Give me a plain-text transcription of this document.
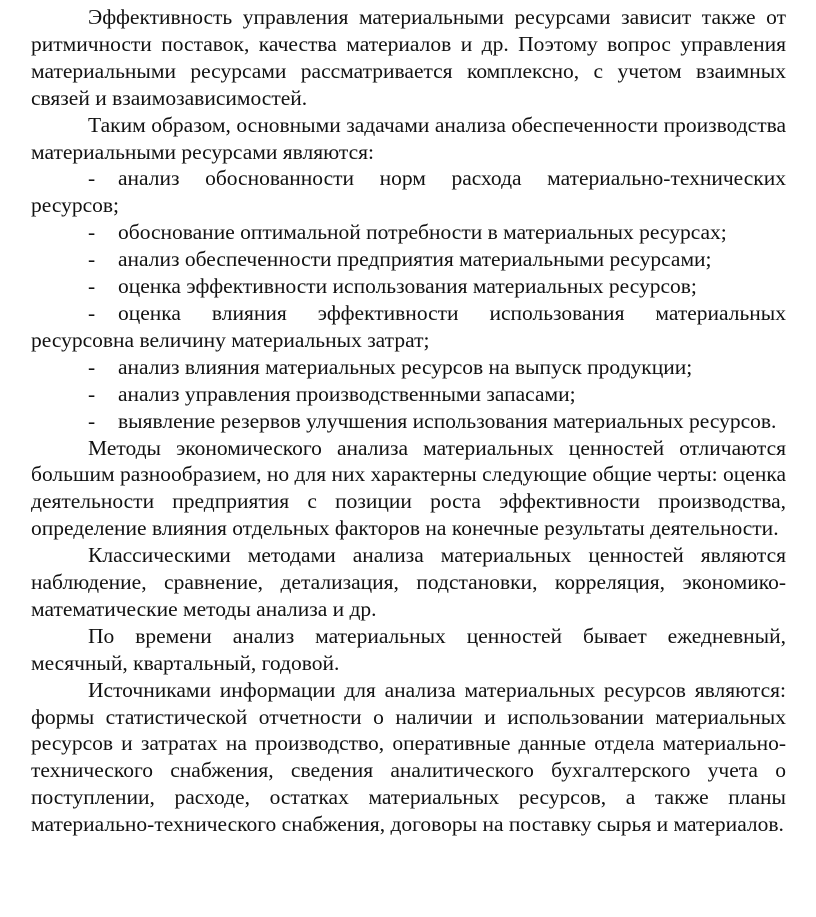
Эффективность управления материальными ресурсами зависит также от ритмичности поставок, качества материалов и др. Поэтому вопрос управления материальными ресурсами рассматривается комплексно, с учетом взаимных связей и взаимозависимостей.

Таким образом, основными задачами анализа обеспеченности производства материальными ресурсами являются:

- анализ обоснованности норм расхода материально-технических ресурсов;

- обоснование оптимальной потребности в материальных ресурсах;

- анализ обеспеченности предприятия материальными ресурсами;

- оценка эффективности использования материальных ресурсов;

- оценка влияния эффективности использования материальных ресурсовна величину материальных затрат;

- анализ влияния материальных ресурсов на выпуск продукции;

- анализ управления производственными запасами;

- выявление резервов улучшения использования материальных ресурсов.

Методы экономического анализа материальных ценностей отличаются большим разнообразием, но для них характерны следующие общие черты: оценка деятельности предприятия с позиции роста эффективности производства, определение влияния отдельных факторов на конечные результаты деятельности.

Классическими методами анализа материальных ценностей являются наблюдение, сравнение, детализация, подстановки, корреляция, экономико-математические методы анализа и др.

По времени анализ материальных ценностей бывает ежедневный, месячный, квартальный, годовой.

Источниками информации для анализа материальных ресурсов являются: формы статистической отчетности о наличии и использовании материальных ресурсов и затратах на производство, оперативные данные отдела материально-технического снабжения, сведения аналитического бухгалтерского учета о поступлении, расходе, остатках материальных ресурсов, а также планы материально-технического снабжения, договоры на поставку сырья и материалов.
